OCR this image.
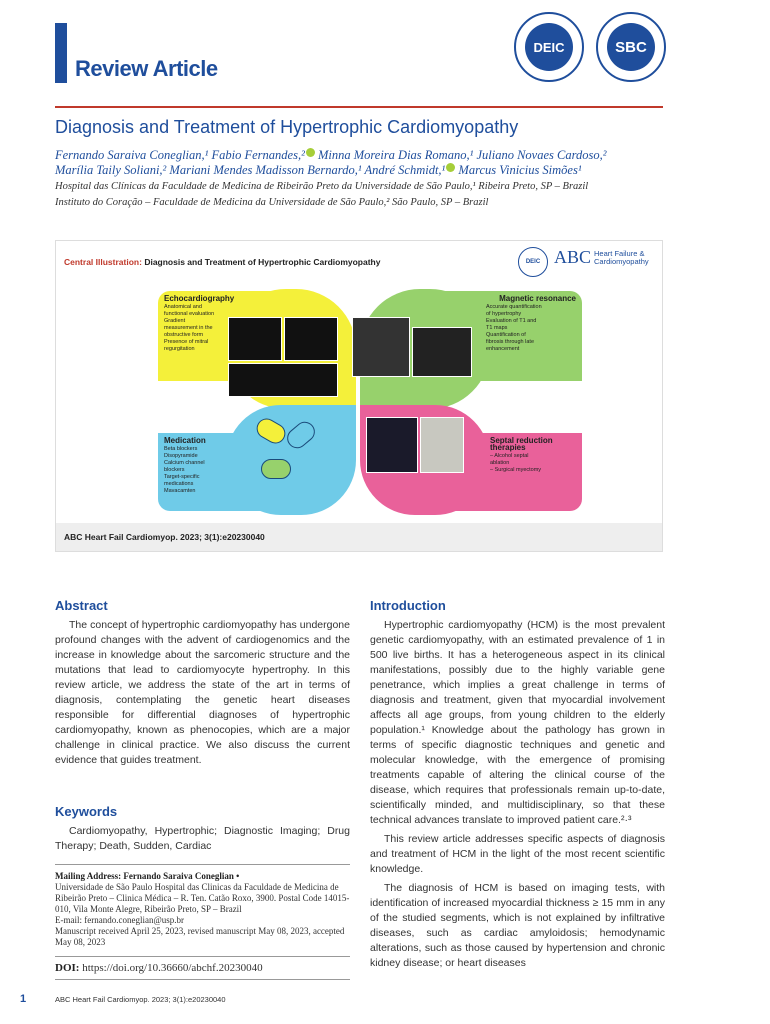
Review Article
DEIC	SBC
Diagnosis and Treatment of Hypertrophic Cardiomyopathy
Fernando Saraiva Coneglian,¹ Fabio Fernandes,² Minna Moreira Dias Romano,¹ Juliano Novaes Cardoso,²
Marília Taily Soliani,² Mariani Mendes Madisson Bernardo,¹ André Schmidt,¹ Marcus Vinicius Simões¹
Hospital das Clínicas da Faculdade de Medicina de Ribeirão Preto da Universidade de São Paulo,¹ Ribeira Preto, SP – Brazil
Instituto do Coração – Faculdade de Medicina da Universidade de São Paulo,² São Paulo, SP – Brazil
Central Illustration: Diagnosis and Treatment of Hypertrophic Cardiomyopathy	DEIC ABC Heart Failure &
Cardiomyopathy
Echocardiography
Anatomical and
functional evaluation
Gradient
measurement in the
obstructive form
Presence of mitral
regurgitation
Magnetic resonance
Accurate quantification
of hypertrophy
Evaluation of T1 and
T1 maps
Quantification of
fibrosis through late
enhancement
Medication
Beta blockers
Disopyramide
Calcium channel
blockers
Target-specific
medications
Mavacamten
Septal reduction
therapies
– Alcohol septal
ablation
– Surgical myectomy
ABC Heart Fail Cardiomyop. 2023; 3(1):e20230040
Abstract

The concept of hypertrophic cardiomyopathy has undergone profound changes with the advent of cardiogenomics and the increase in knowledge about the sarcomeric structure and the mutations that lead to cardiomyocyte hypertrophy. In this review article, we address the state of the art in terms of diagnosis, contemplating the genetic heart diseases responsible for differential diagnoses of hypertrophic cardiomyopathy, known as phenocopies, which are a major challenge in clinical practice. We also discuss the current evidence that guides treatment.

Keywords

Cardiomyopathy, Hypertrophic; Diagnostic Imaging; Drug Therapy; Death, Sudden, Cardiac

Mailing Address: Fernando Saraiva Coneglian •
Universidade de São Paulo Hospital das Clinicas da Faculdade de Medicina de Ribeirão Preto – Clinica Médica – R. Ten. Catão Roxo, 3900. Postal Code 14015-010, Vila Monte Alegre, Ribeirão Preto, SP – Brazil
E-mail: fernando.coneglian@usp.br
Manuscript received April 25, 2023, revised manuscript May 08, 2023, accepted May 08, 2023
DOI: https://doi.org/10.36660/abchf.20230040
Introduction

Hypertrophic cardiomyopathy (HCM) is the most prevalent genetic cardiomyopathy, with an estimated prevalence of 1 in 500 live births. It has a heterogeneous aspect in its clinical manifestations, possibly due to the highly variable gene penetrance, which implies a great challenge in terms of diagnosis and treatment, given that myocardial involvement affects all age groups, from young children to the elderly population.¹ Knowledge about the pathology has grown in terms of specific diagnostic techniques and genetic and molecular knowledge, with the emergence of promising treatments capable of altering the clinical course of the disease, which requires that professionals remain up-to-date, scientifically minded, and multidisciplinary, so that these technical advances translate to improved patient care.²·³

This review article addresses specific aspects of diagnosis and treatment of HCM in the light of the most recent scientific knowledge.

The diagnosis of HCM is based on imaging tests, with identification of increased myocardial thickness ≥ 15 mm in any of the studied segments, which is not explained by infiltrative diseases, such as cardiac amyloidosis; hemodynamic alterations, such as those caused by hypertension and chronic kidney disease; or heart diseases

1	ABC Heart Fail Cardiomyop. 2023; 3(1):e20230040
